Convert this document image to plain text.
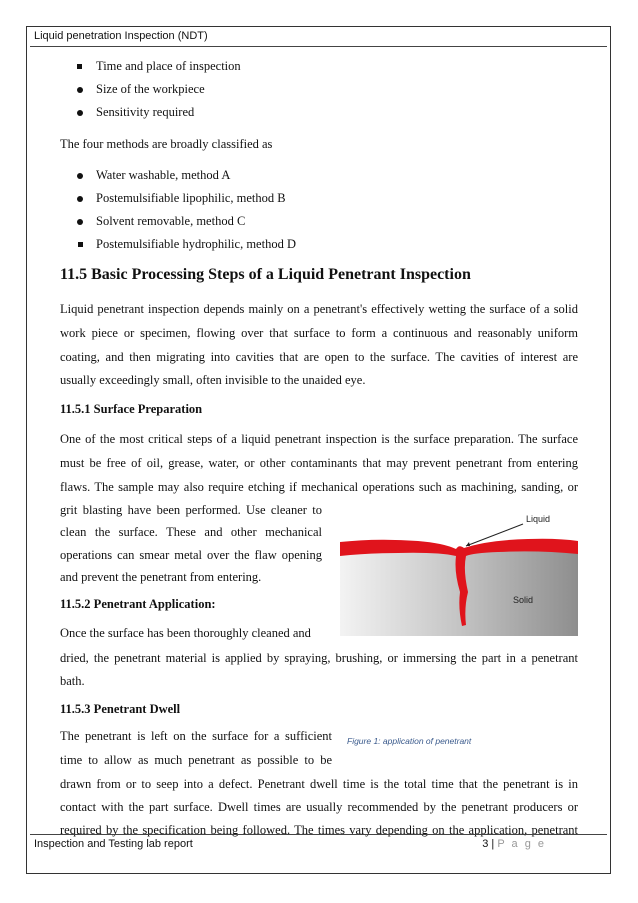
Liquid penetration Inspection (NDT)
Time and place of inspection
Size of the workpiece
Sensitivity required
The four methods are broadly classified as
Water washable, method A
Postemulsifiable lipophilic, method B
Solvent removable, method C
Postemulsifiable hydrophilic, method D
11.5 Basic Processing Steps of a Liquid Penetrant Inspection
Liquid penetrant inspection depends mainly on a penetrant's effectively wetting the surface of a solid
work piece or specimen, flowing over that surface to form a continuous and reasonably uniform
coating, and then migrating into cavities that are open to the surface. The cavities of interest are
usually exceedingly small, often invisible to the unaided eye.
11.5.1 Surface Preparation
One of the most critical steps of a liquid penetrant inspection is the surface preparation. The surface
must be free of oil, grease, water, or other contaminants that may prevent penetrant from entering
flaws. The sample may also require etching if mechanical operations such as machining, sanding, or
grit blasting have been performed. Use cleaner to
clean the surface. These and other mechanical
operations can smear metal over the flaw opening
and prevent the penetrant from entering.
11.5.2 Penetrant Application:
Once the surface has been thoroughly cleaned and
dried, the penetrant material is applied by spraying, brushing, or immersing the part in a penetrant
bath.
11.5.3 Penetrant Dwell
The penetrant is left on the surface for a sufficient
time to allow as much penetrant as possible to be
drawn from or to seep into a defect. Penetrant dwell time is the total time that the penetrant is in
contact with the part surface. Dwell times are usually recommended by the penetrant producers or
required by the specification being followed. The times vary depending on the application, penetrant
Liquid
Solid
Figure 1: application of penetrant
Inspection and Testing lab report	3 | P a g e
